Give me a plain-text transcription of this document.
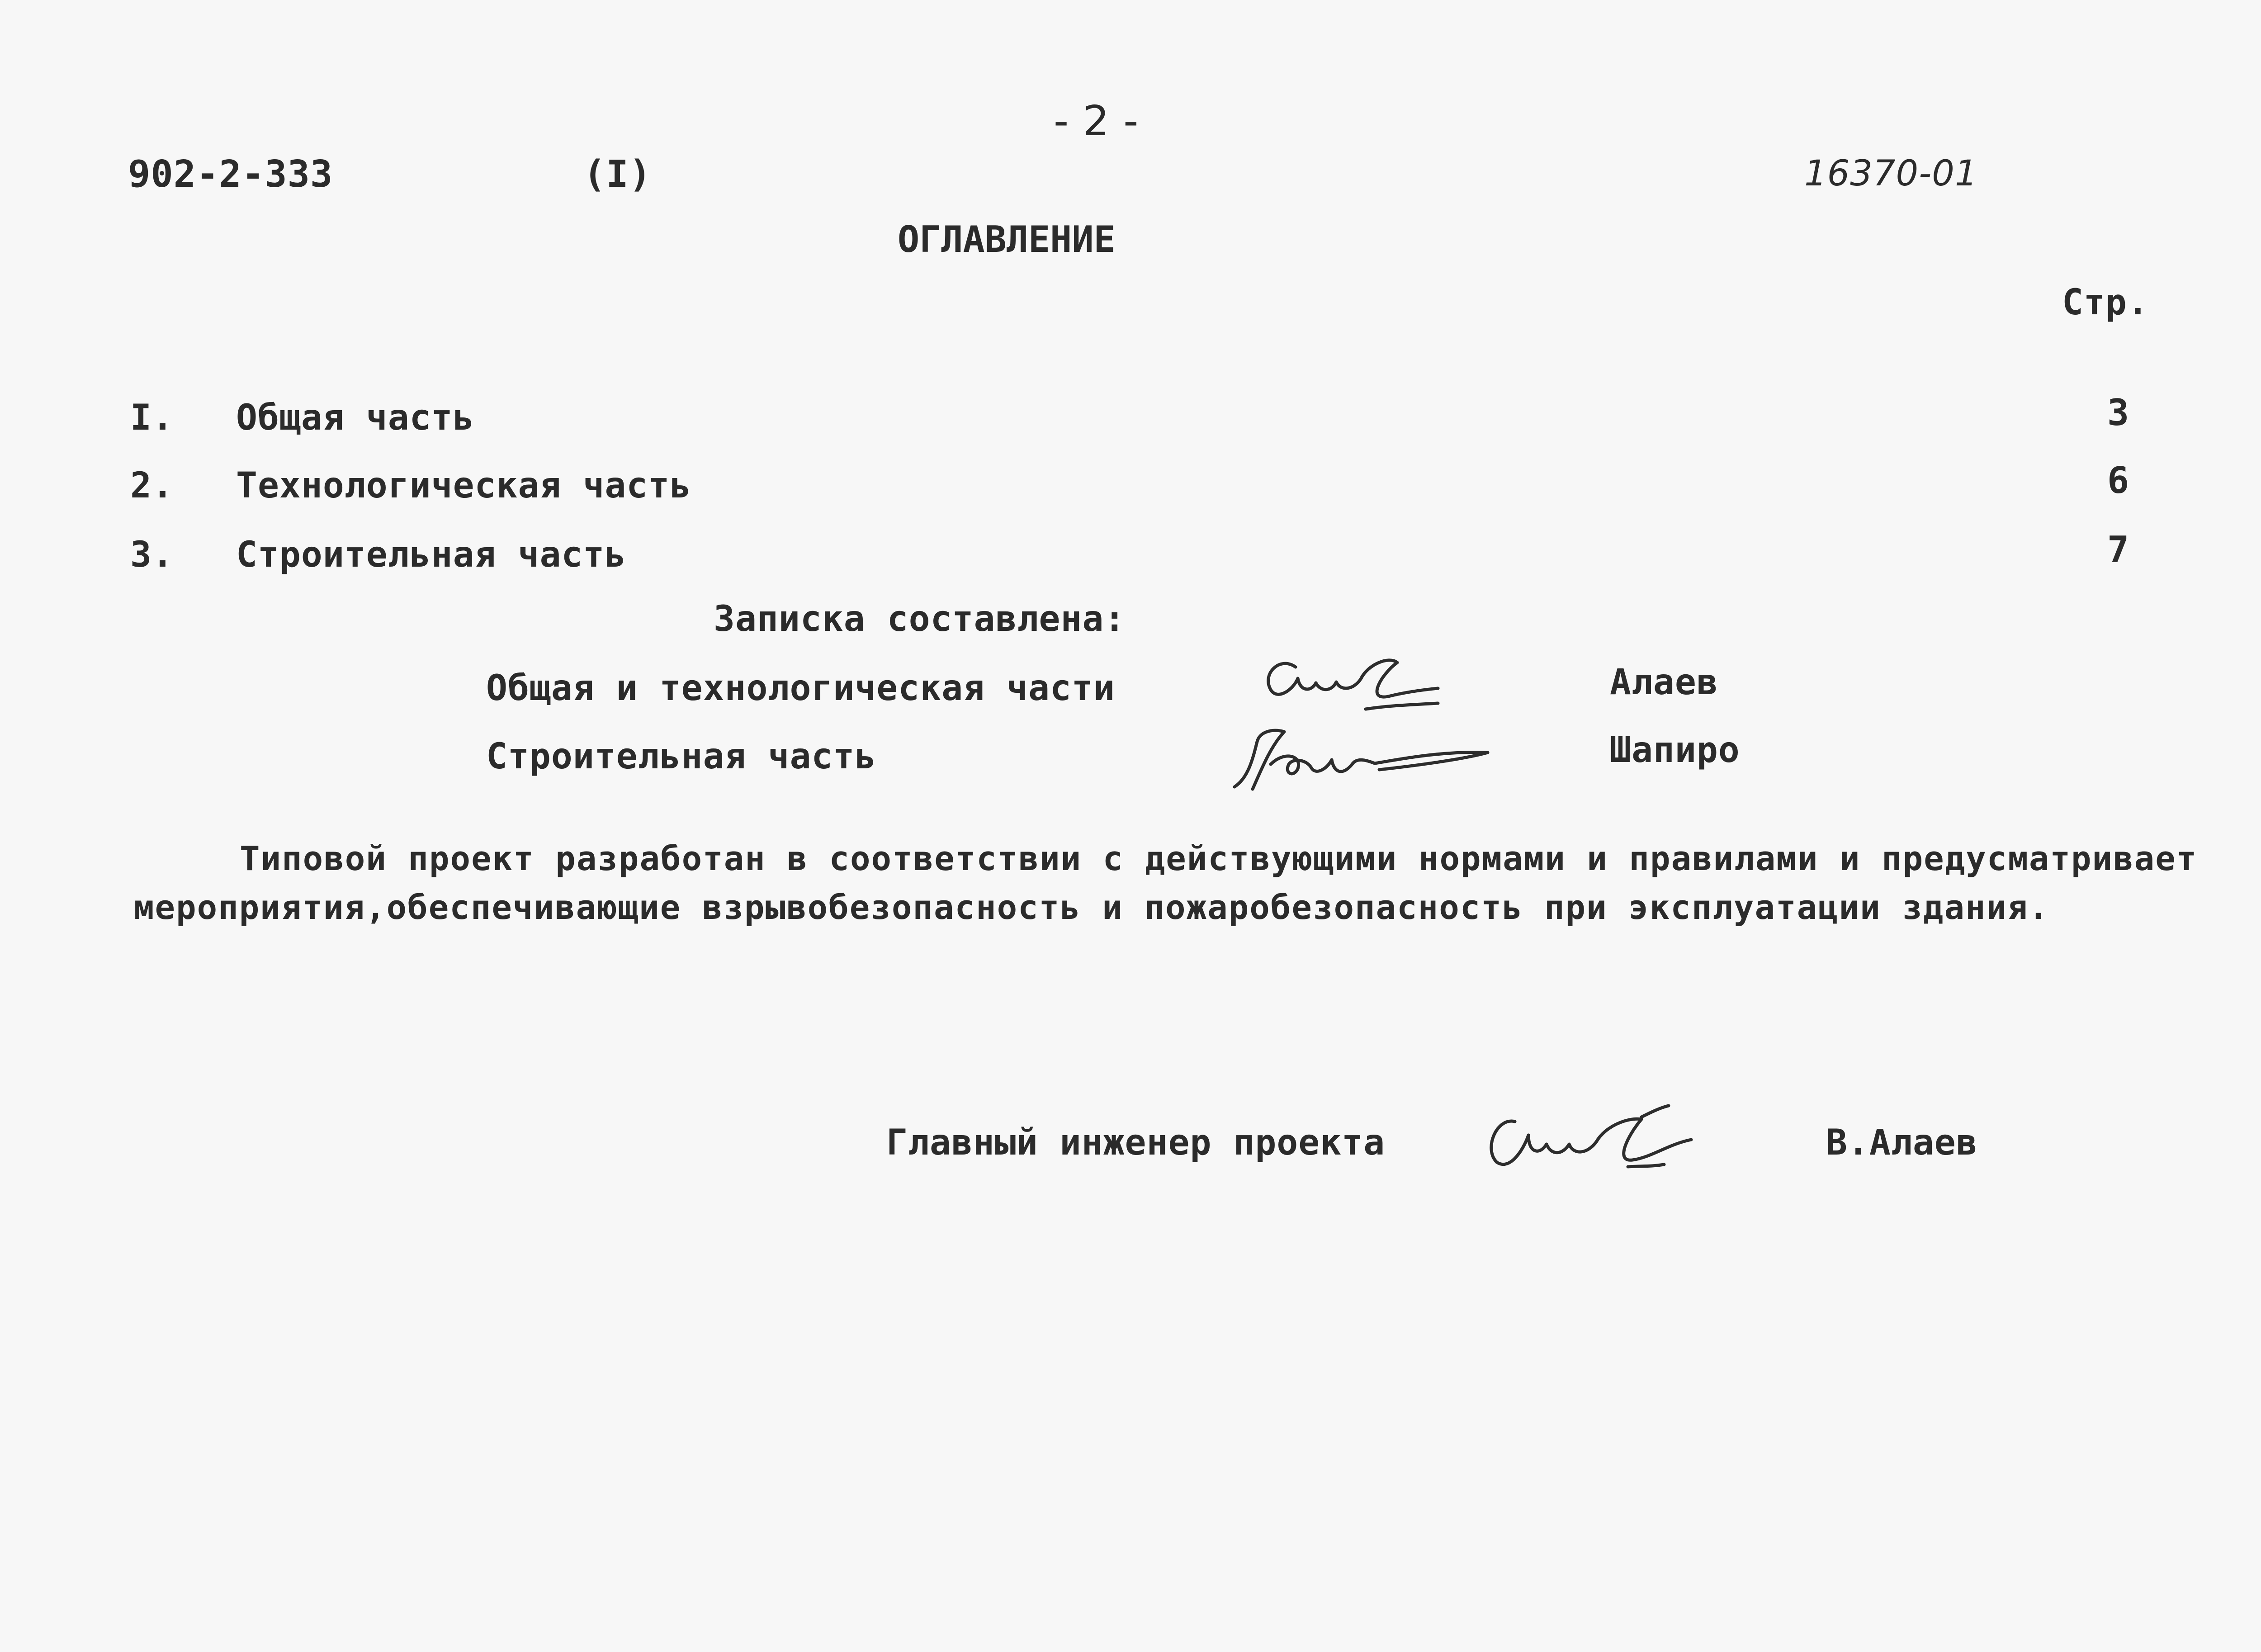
- 2 -
902-2-333	(I)	16370-01
ОГЛАВЛЕНИЕ
Стр.
I. Общая часть	3
2. Технологическая часть	6
3. Строительная часть	7
Записка составлена:
Общая и технологическая части	Алаев
Строительная часть	Шапиро
Типовой проект разработан в соответствии с действующими нормами и правилами и предусматривает
мероприятия,обеспечивающие взрывобезопасность и пожаробезопасность при эксплуатации здания.
Главный инженер проекта	В.Алаев
